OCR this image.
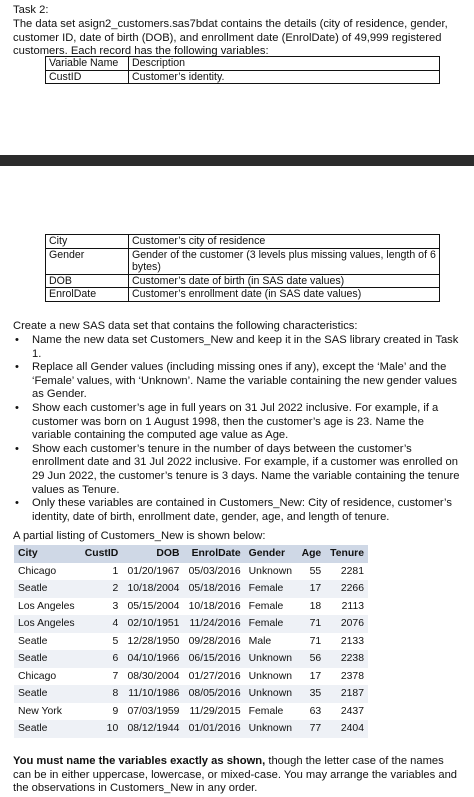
Task 2:

The data set asign2_customers.sas7bdat contains the details (city of residence, gender, customer ID, date of birth (DOB), and enrollment date (EnrolDate) of 49,999 registered customers. Each record has the following variables:

Variable Name	Description
CustID	Customer’s identity.
City	Customer’s city of residence
Gender	Gender of the customer (3 levels plus missing values, length of 6 bytes)
DOB	Customer’s date of birth (in SAS date values)
EnrolDate	Customer’s enrollment date (in SAS date values)

Create a new SAS data set that contains the following characteristics:

• Name the new data set Customers_New and keep it in the SAS library created in Task 1.
• Replace all Gender values (including missing ones if any), except the ‘Male’ and the ‘Female’ values, with ‘Unknown’. Name the variable containing the new gender values as Gender.
• Show each customer’s age in full years on 31 Jul 2022 inclusive. For example, if a customer was born on 1 August 1998, then the customer’s age is 23. Name the variable containing the computed age value as Age.
• Show each customer’s tenure in the number of days between the customer’s enrollment date and 31 Jul 2022 inclusive. For example, if a customer was enrolled on 29 Jun 2022, the customer’s tenure is 3 days. Name the variable containing the tenure values as Tenure.
• Only these variables are contained in Customers_New: City of residence, customer’s identity, date of birth, enrollment date, gender, age, and length of tenure.

A partial listing of Customers_New is shown below:

City	CustID	DOB	EnrolDate	Gender	Age	Tenure
Chicago	1	01/20/1967	05/03/2016	Unknown	55	2281
Seatle	2	10/18/2004	05/18/2016	Female	17	2266
Los Angeles	3	05/15/2004	10/18/2016	Female	18	2113
Los Angeles	4	02/10/1951	11/24/2016	Female	71	2076
Seatle	5	12/28/1950	09/28/2016	Male	71	2133
Seatle	6	04/10/1966	06/15/2016	Unknown	56	2238
Chicago	7	08/30/2004	01/27/2016	Unknown	17	2378
Seatle	8	11/10/1986	08/05/2016	Unknown	35	2187
New York	9	07/03/1959	11/29/2015	Female	63	2437
Seatle	10	08/12/1944	01/01/2016	Unknown	77	2404

You must name the variables exactly as shown, though the letter case of the names can be in either uppercase, lowercase, or mixed-case. You may arrange the variables and the observations in Customers_New in any order.
